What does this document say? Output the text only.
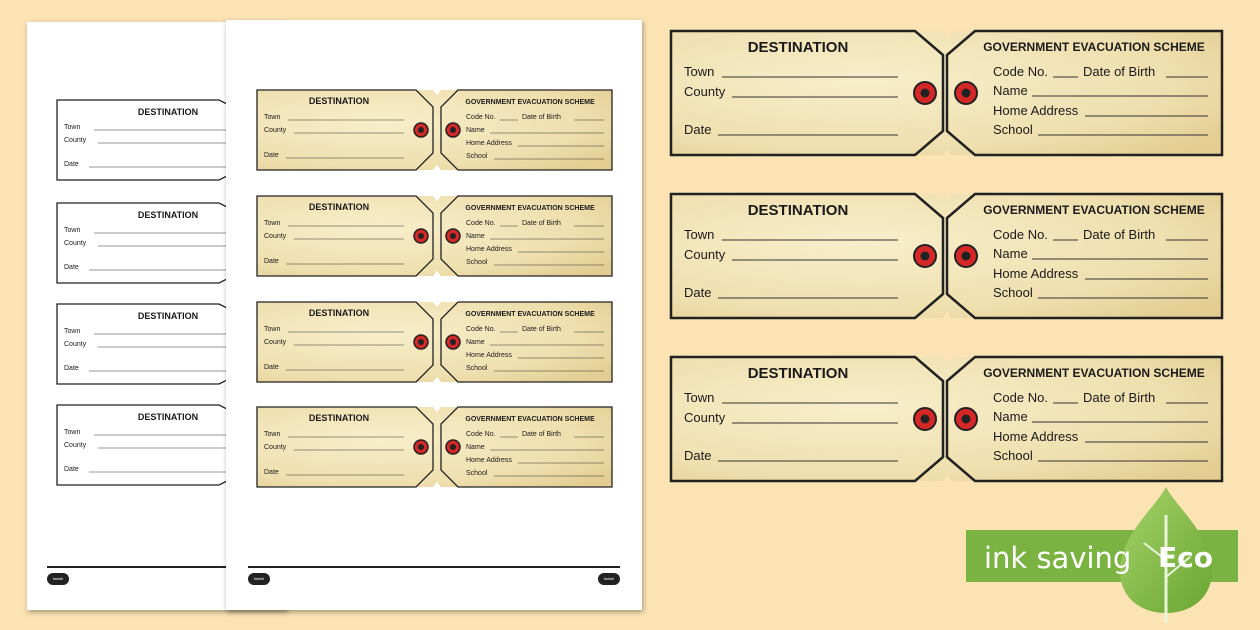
DESTINATION
Town
County
Date
DESTINATION
Town
County
Date
DESTINATION
Town
County
Date
DESTINATION
Town
County
Date
twinkl
DESTINATION
Town
County
Date
GOVERNMENT EVACUATION SCHEME
Code No.	Date of Birth
Name
Home Address
School
DESTINATION
Town
County
Date
GOVERNMENT EVACUATION SCHEME
Code No.	Date of Birth
Name
Home Address
School
DESTINATION
Town
County
Date
GOVERNMENT EVACUATION SCHEME
Code No.	Date of Birth
Name
Home Address
School
DESTINATION
Town
County
Date
GOVERNMENT EVACUATION SCHEME
Code No.	Date of Birth
Name
Home Address
School
twinkl	twinkl
DESTINATION
Town
County
Date
GOVERNMENT EVACUATION SCHEME
Code No.	Date of Birth
Name
Home Address
School
DESTINATION
Town
County
Date
GOVERNMENT EVACUATION SCHEME
Code No.	Date of Birth
Name
Home Address
School
DESTINATION
Town
County
Date
GOVERNMENT EVACUATION SCHEME
Code No.	Date of Birth
Name
Home Address
School
ink saving Eco
